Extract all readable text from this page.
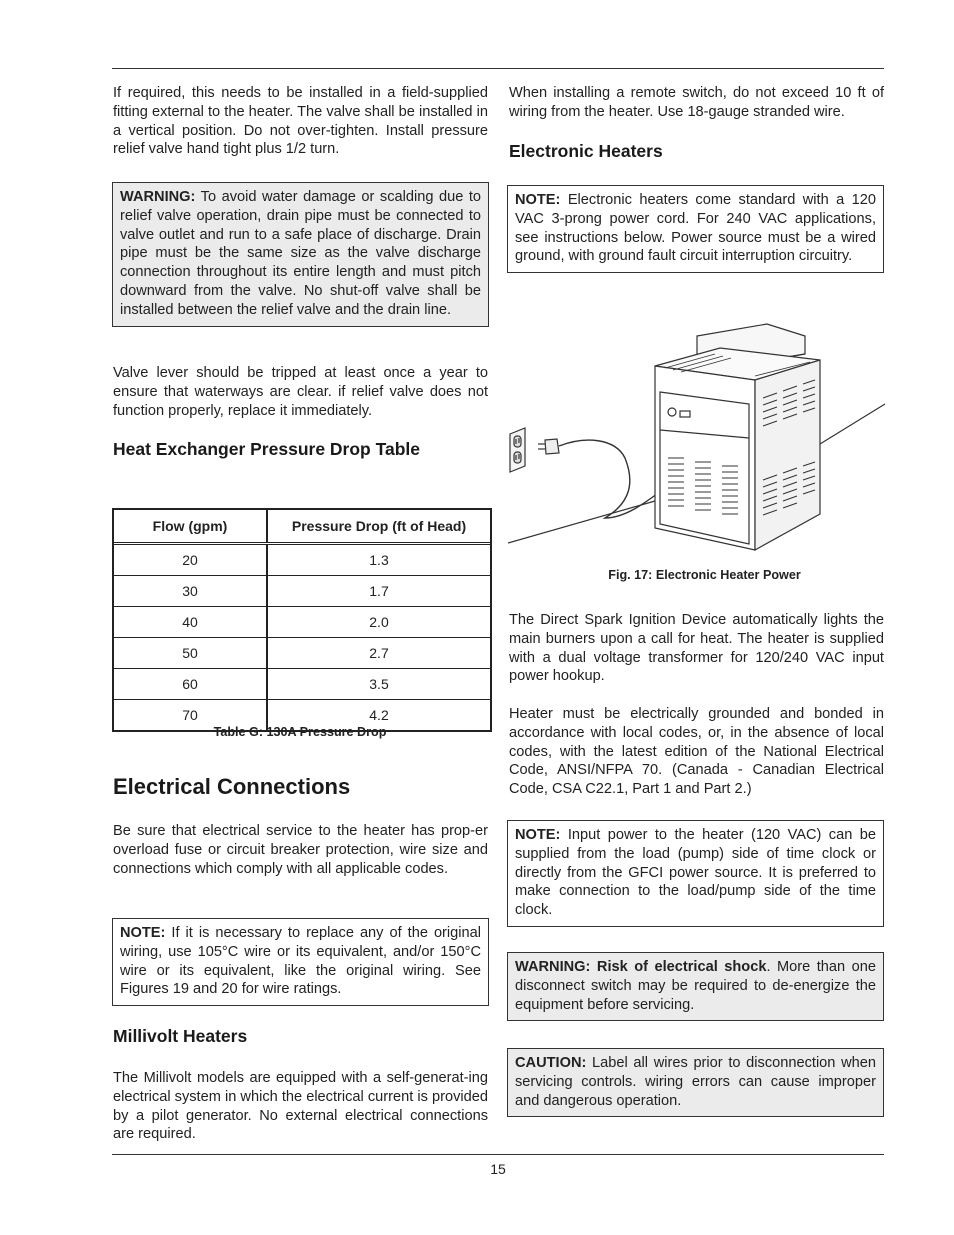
If required, this needs to be installed in a field-supplied fitting external to the heater. The valve shall be installed in a vertical position. Do not over-tighten. Install pressure relief valve hand tight plus 1/2 turn.

WARNING: To avoid water damage or scalding due to relief valve operation, drain pipe must be connected to valve outlet and run to a safe place of discharge. Drain pipe must be the same size as the valve discharge connection throughout its entire length and must pitch downward from the valve. No shut-off valve shall be installed between the relief valve and the drain line.

Valve lever should be tripped at least once a year to ensure that waterways are clear. if relief valve does not function properly, replace it immediately.

Heat Exchanger Pressure Drop Table

Flow (gpm)	Pressure Drop (ft of Head)
20	1.3
30	1.7
40	2.0
50	2.7
60	3.5
70	4.2
Table G: 130A Pressure Drop

Electrical Connections

Be sure that electrical service to the heater has prop-er overload fuse or circuit breaker protection, wire size and connections which comply with all applicable codes.

NOTE: If it is necessary to replace any of the original wiring, use 105°C wire or its equivalent, and/or 150°C wire or its equivalent, like the original wiring. See Figures 19 and 20 for wire ratings.

Millivolt Heaters

The Millivolt models are equipped with a self-generat-ing electrical system in which the electrical current is provided by a pilot generator. No external electrical connections are required.

When installing a remote switch, do not exceed 10 ft of wiring from the heater. Use 18-gauge stranded wire.

Electronic Heaters

NOTE: Electronic heaters come standard with a 120 VAC 3-prong power cord. For 240 VAC applications, see instructions below. Power source must be a wired ground, with ground fault circuit interruption circuitry.
Fig. 17: Electronic Heater Power

The Direct Spark Ignition Device automatically lights the main burners upon a call for heat. The heater is supplied with a dual voltage transformer for 120/240 VAC input power hookup.

Heater must be electrically grounded and bonded in accordance with local codes, or, in the absence of local codes, with the latest edition of the National Electrical Code, ANSI/NFPA 70. (Canada - Canadian Electrical Code, CSA C22.1, Part 1 and Part 2.)

NOTE: Input power to the heater (120 VAC) can be supplied from the load (pump) side of time clock or directly from the GFCI power source. It is preferred to make connection to the load/pump side of the time clock.
WARNING: Risk of electrical shock. More than one disconnect switch may be required to de-energize the equipment before servicing.
CAUTION: Label all wires prior to disconnection when servicing controls. wiring errors can cause improper and dangerous operation.
15
